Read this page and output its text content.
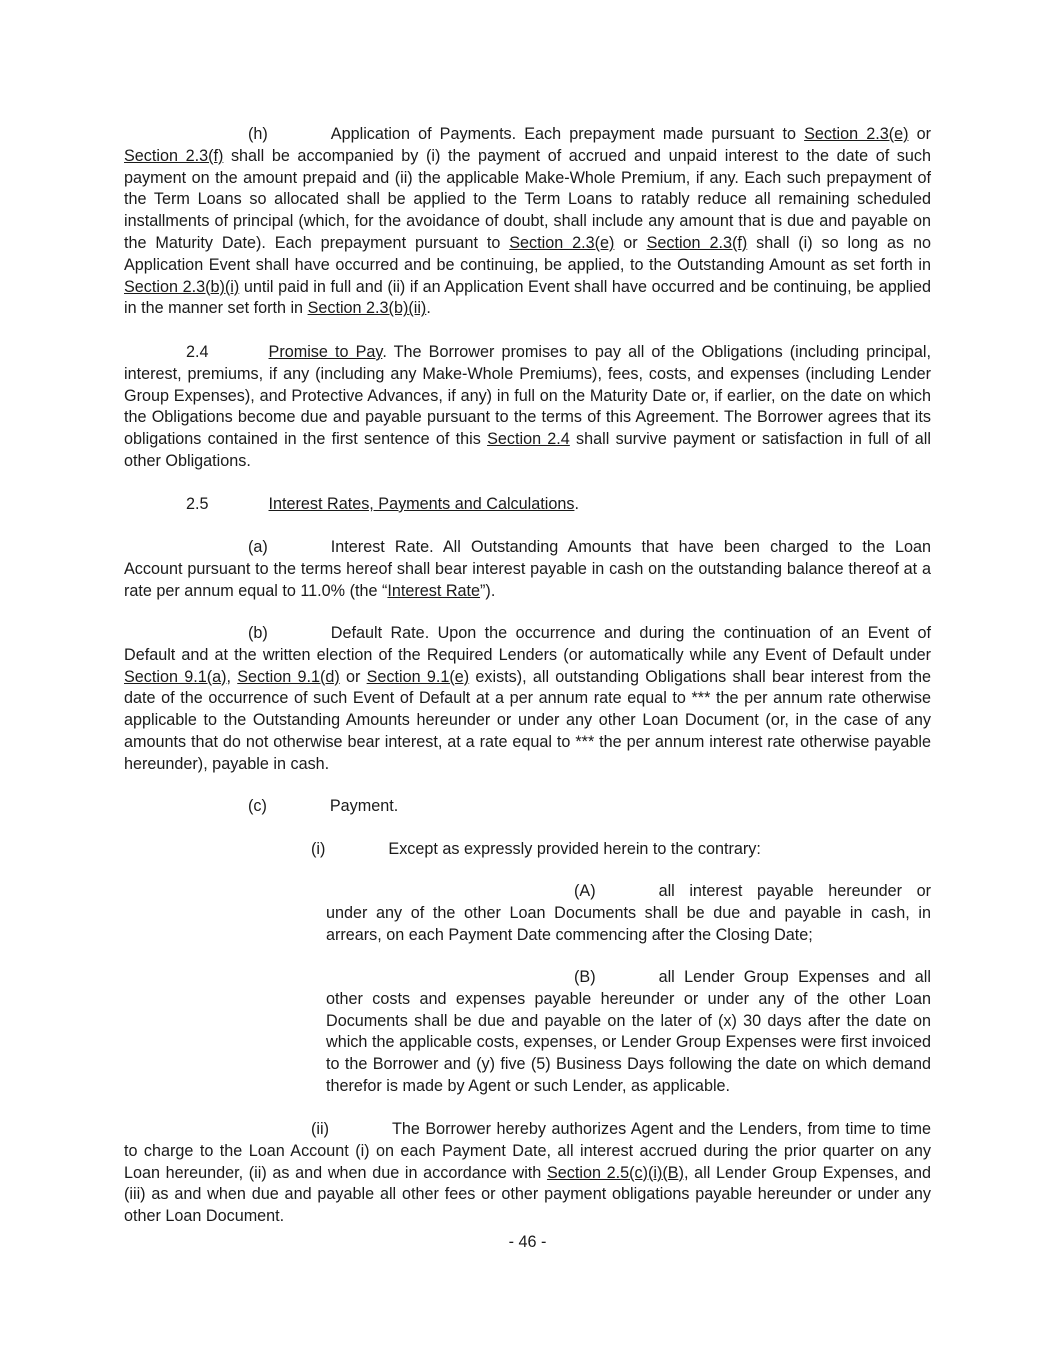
(h)	Application of Payments. Each prepayment made pursuant to Section 2.3(e) or Section 2.3(f) shall be accompanied by (i) the payment of accrued and unpaid interest to the date of such payment on the amount prepaid and (ii) the applicable Make-Whole Premium, if any. Each such prepayment of the Term Loans so allocated shall be applied to the Term Loans to ratably reduce all remaining scheduled installments of principal (which, for the avoidance of doubt, shall include any amount that is due and payable on the Maturity Date). Each prepayment pursuant to Section 2.3(e) or Section 2.3(f) shall (i) so long as no Application Event shall have occurred and be continuing, be applied, to the Outstanding Amount as set forth in Section 2.3(b)(i) until paid in full and (ii) if an Application Event shall have occurred and be continuing, be applied in the manner set forth in Section 2.3(b)(ii).

2.4	Promise to Pay. The Borrower promises to pay all of the Obligations (including principal, interest, premiums, if any (including any Make-Whole Premiums), fees, costs, and expenses (including Lender Group Expenses), and Protective Advances, if any) in full on the Maturity Date or, if earlier, on the date on which the Obligations become due and payable pursuant to the terms of this Agreement. The Borrower agrees that its obligations contained in the first sentence of this Section 2.4 shall survive payment or satisfaction in full of all other Obligations.

2.5	Interest Rates, Payments and Calculations.

(a)	Interest Rate. All Outstanding Amounts that have been charged to the Loan Account pursuant to the terms hereof shall bear interest payable in cash on the outstanding balance thereof at a rate per annum equal to 11.0% (the “Interest Rate”).

(b)	Default Rate. Upon the occurrence and during the continuation of an Event of Default and at the written election of the Required Lenders (or automatically while any Event of Default under Section 9.1(a), Section 9.1(d) or Section 9.1(e) exists), all outstanding Obligations shall bear interest from the date of the occurrence of such Event of Default at a per annum rate equal to *** the per annum rate otherwise applicable to the Outstanding Amounts hereunder or under any other Loan Document (or, in the case of any amounts that do not otherwise bear interest, at a rate equal to *** the per annum interest rate otherwise payable hereunder), payable in cash.

(c)	Payment.

(i)	Except as expressly provided herein to the contrary:

(A)	all interest payable hereunder or under any of the other Loan Documents shall be due and payable in cash, in arrears, on each Payment Date commencing after the Closing Date;

(B)	all Lender Group Expenses and all other costs and expenses payable hereunder or under any of the other Loan Documents shall be due and payable on the later of (x) 30 days after the date on which the applicable costs, expenses, or Lender Group Expenses were first invoiced to the Borrower and (y) five (5) Business Days following the date on which demand therefor is made by Agent or such Lender, as applicable.

(ii)	The Borrower hereby authorizes Agent and the Lenders, from time to time to charge to the Loan Account (i) on each Payment Date, all interest accrued during the prior quarter on any Loan hereunder, (ii) as and when due in accordance with Section 2.5(c)(i)(B), all Lender Group Expenses, and (iii) as and when due and payable all other fees or other payment obligations payable hereunder or under any other Loan Document.

- 46 -
